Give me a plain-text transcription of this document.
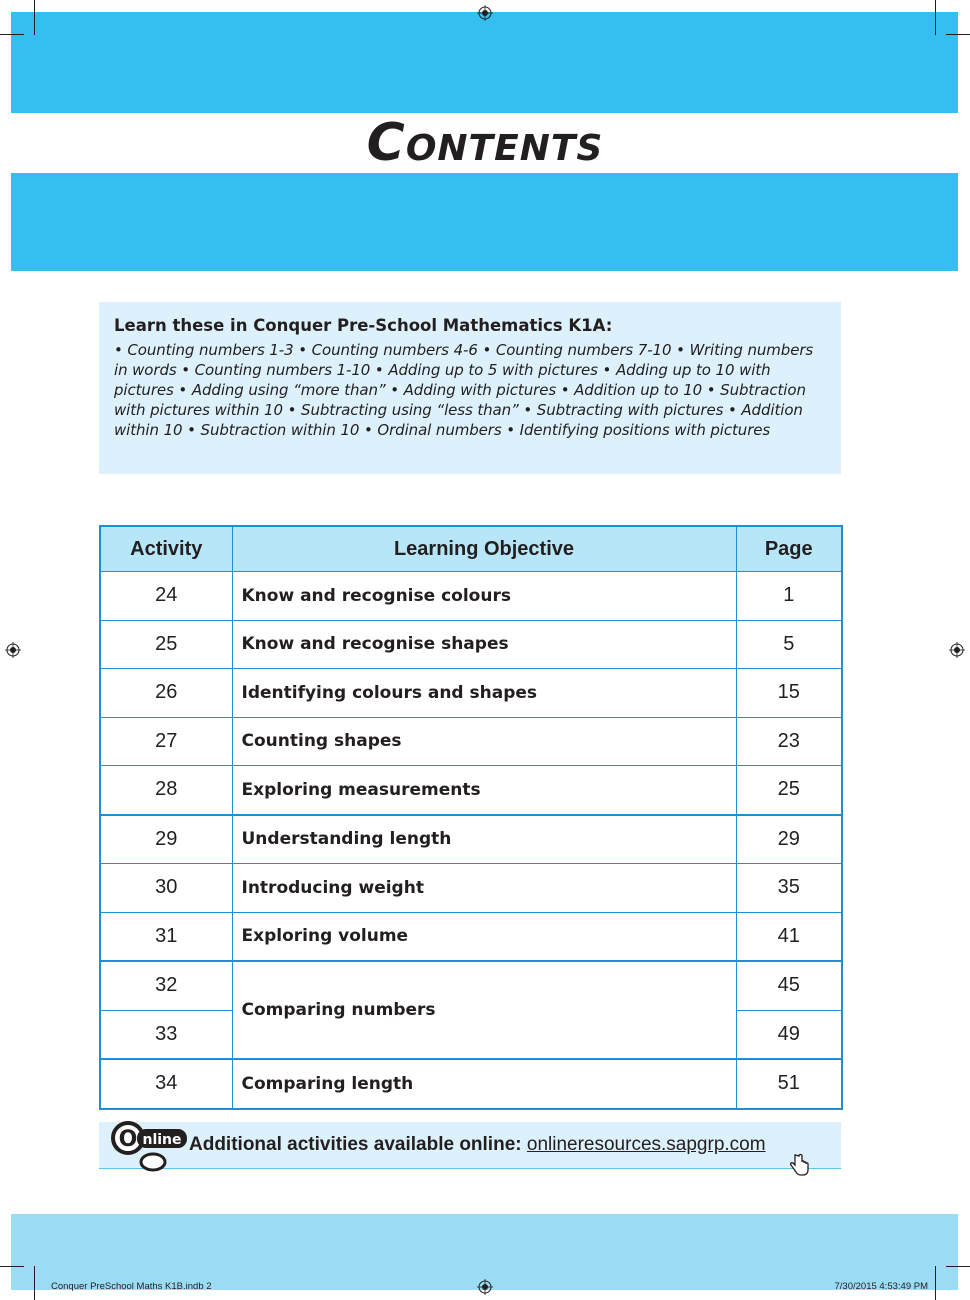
CONTENTS

Learn these in Conquer Pre-School Mathematics K1A:

• Counting numbers 1-3 • Counting numbers 4-6 • Counting numbers 7-10 • Writing numbers in words • Counting numbers 1-10 • Adding up to 5 with pictures • Adding up to 10 with pictures • Adding using “more than” • Adding with pictures • Addition up to 10 • Subtraction with pictures within 10 • Subtracting using “less than” • Subtracting with pictures • Addition within 10 • Subtraction within 10 • Ordinal numbers • Identifying positions with pictures

Activity	Learning Objective	Page
24	Know and recognise colours	1
25	Know and recognise shapes	5
26	Identifying colours and shapes	15
27	Counting shapes	23
28	Exploring measurements	25
29	Understanding length	29
30	Introducing weight	35
31	Exploring volume	41
32	Comparing numbers	45
33		49
34	Comparing length	51
O nline Additional activities available online: onlineresources.sapgrp.com
Conquer PreSchool Maths K1B.indb 2	7/30/2015 4:53:49 PM
